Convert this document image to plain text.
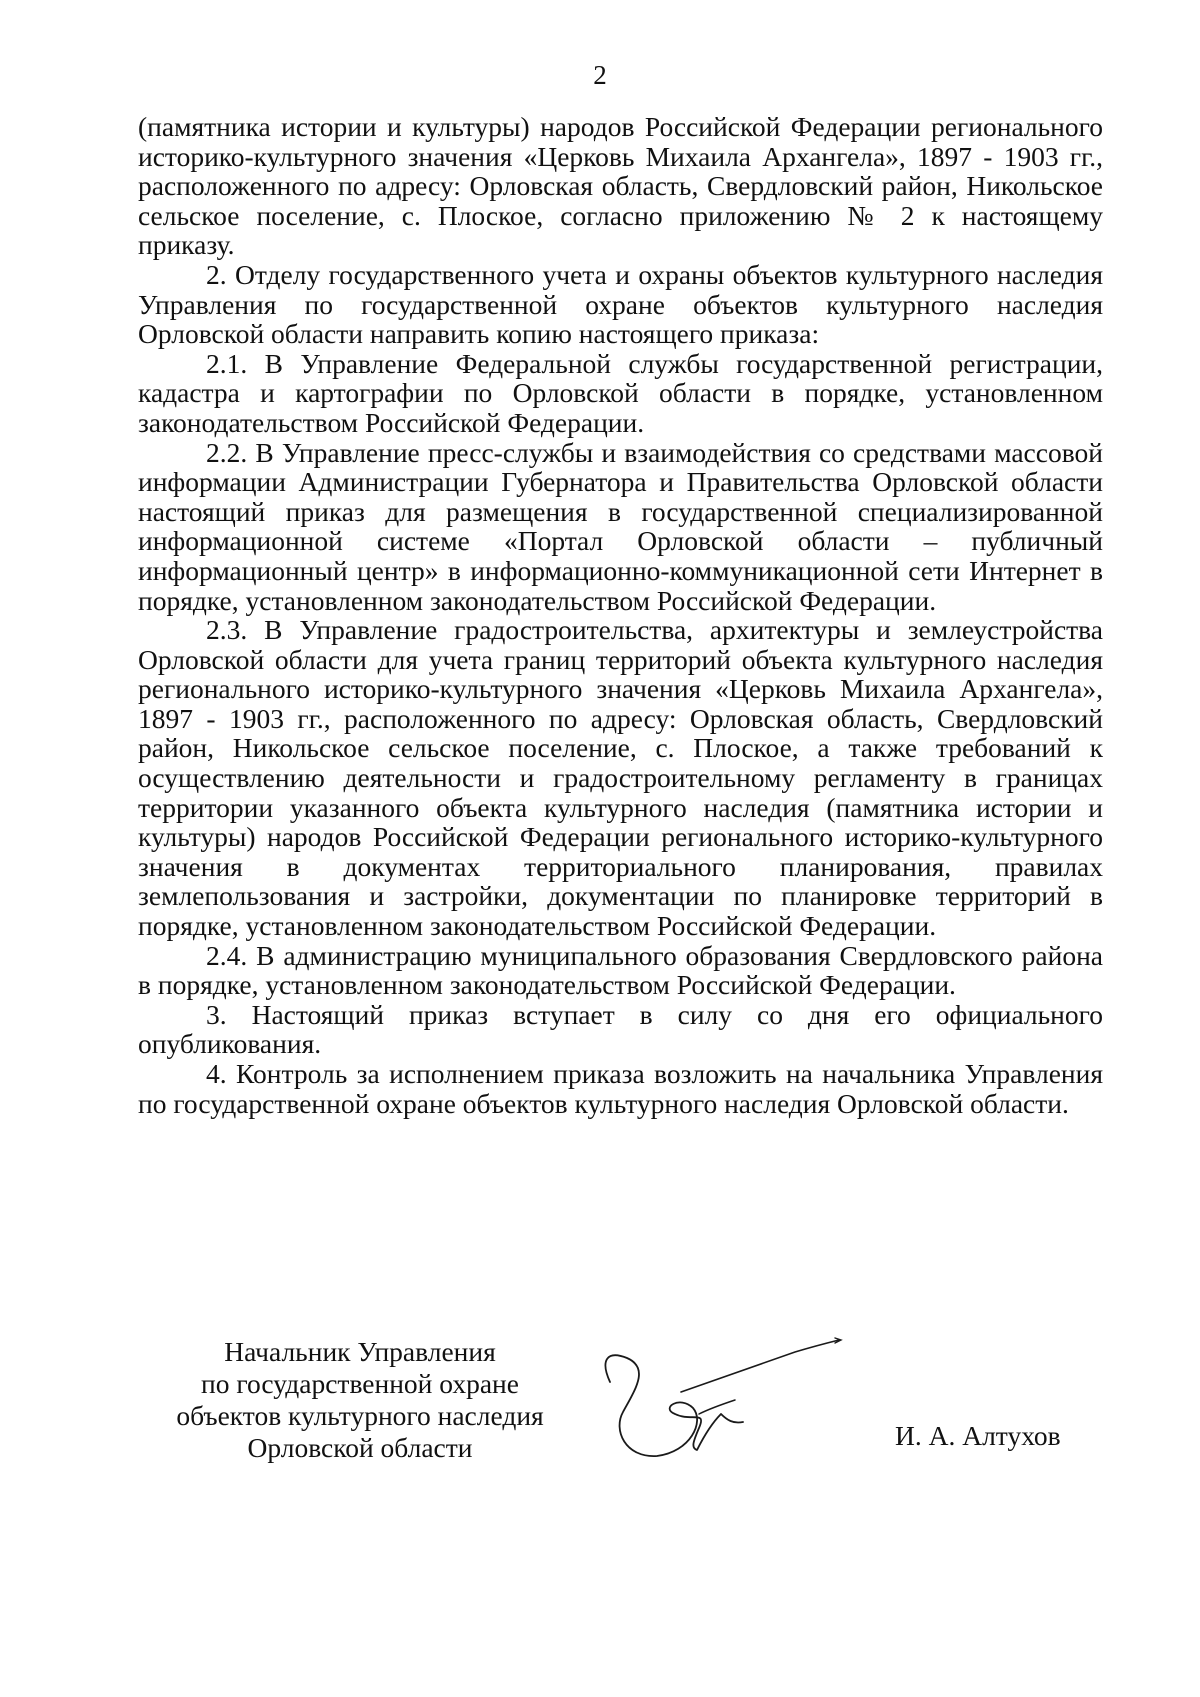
2

(памятника истории и культуры) народов Российской Федерации регионального историко-культурного значения «Церковь Михаила Архангела», 1897 - 1903 гг., расположенного по адресу: Орловская область, Свердловский район, Никольское сельское поселение, с. Плоское, согласно приложению № 2 к настоящему приказу.

2. Отделу государственного учета и охраны объектов культурного наследия Управления по государственной охране объектов культурного наследия Орловской области направить копию настоящего приказа:

2.1. В Управление Федеральной службы государственной регистрации, кадастра и картографии по Орловской области в порядке, установленном законодательством Российской Федерации.

2.2. В Управление пресс-службы и взаимодействия со средствами массовой информации Администрации Губернатора и Правительства Орловской области настоящий приказ для размещения в государственной специализированной информационной системе «Портал Орловской области – публичный информационный центр» в информационно-коммуникационной сети Интернет в порядке, установленном законодательством Российской Федерации.

2.3. В Управление градостроительства, архитектуры и землеустройства Орловской области для учета границ территорий объекта культурного наследия регионального историко-культурного значения «Церковь Михаила Архангела», 1897 - 1903 гг., расположенного по адресу: Орловская область, Свердловский район, Никольское сельское поселение, с. Плоское, а также требований к осуществлению деятельности и градостроительному регламенту в границах территории указанного объекта культурного наследия (памятника истории и культуры) народов Российской Федерации регионального историко-культурного значения в документах территориального планирования, правилах землепользования и застройки, документации по планировке территорий в порядке, установленном законодательством Российской Федерации.

2.4. В администрацию муниципального образования Свердловского района в порядке, установленном законодательством Российской Федерации.

3. Настоящий приказ вступает в силу со дня его официального опубликования.

4. Контроль за исполнением приказа возложить на начальника Управления по государственной охране объектов культурного наследия Орловской области.

Начальник Управления
по государственной охране
объектов культурного наследия
Орловской области	И. А. Алтухов
